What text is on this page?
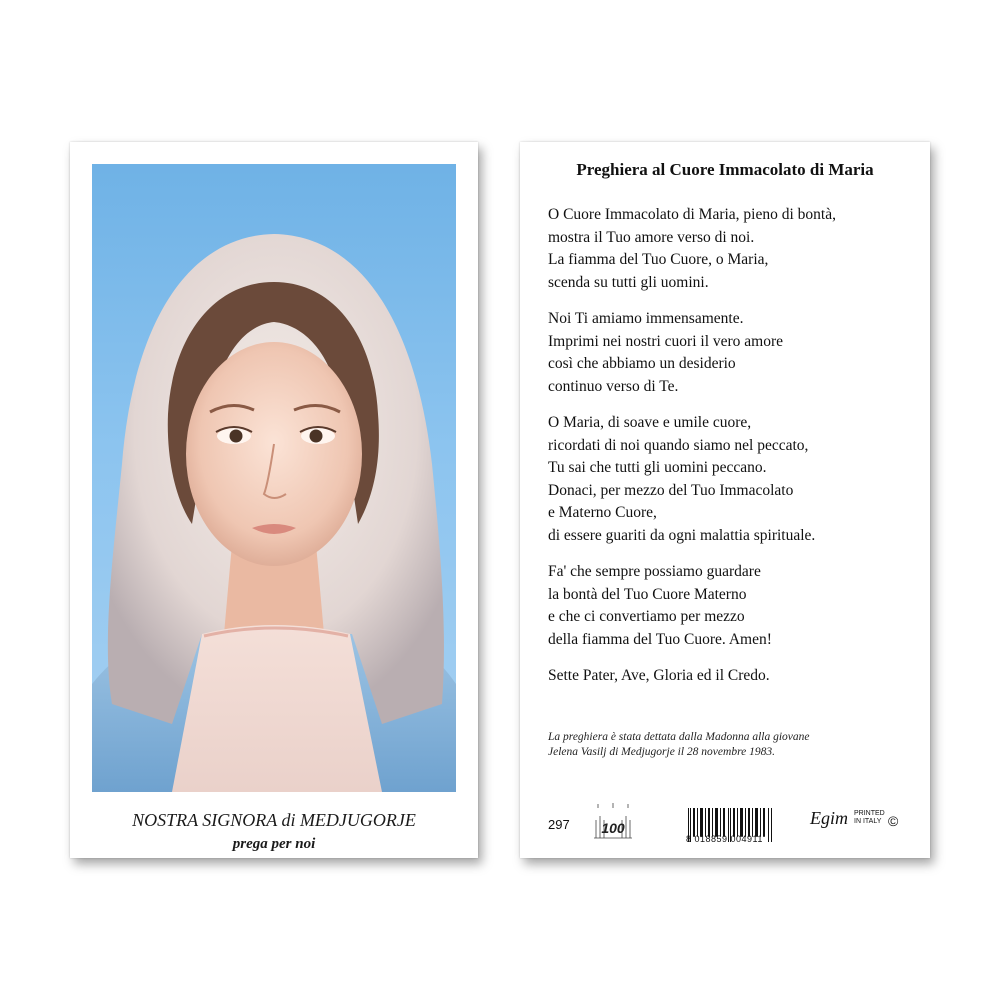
NOSTRA SIGNORA di MEDJUGORJE
prega per noi
Preghiera al Cuore Immacolato di Maria
O Cuore Immacolato di Maria, pieno di bontà,
mostra il Tuo amore verso di noi.
La fiamma del Tuo Cuore, o Maria,
scenda su tutti gli uomini.
Noi Ti amiamo immensamente.
Imprimi nei nostri cuori il vero amore
così che abbiamo un desiderio
continuo verso di Te.
O Maria, di soave e umile cuore,
ricordati di noi quando siamo nel peccato,
Tu sai che tutti gli uomini peccano.
Donaci, per mezzo del Tuo Immacolato
e Materno Cuore,
di essere guariti da ogni malattia spirituale.
Fa' che sempre possiamo guardare
la bontà del Tuo Cuore Materno
e che ci convertiamo per mezzo
della fiamma del Tuo Cuore. Amen!
Sette Pater, Ave, Gloria ed il Credo.
La preghiera è stata dettata dalla Madonna alla giovane
Jelena Vasilj di Medjugorje il 28 novembre 1983.
297 100
8 018859 004911
Egim PRINTED
IN ITALY ©
